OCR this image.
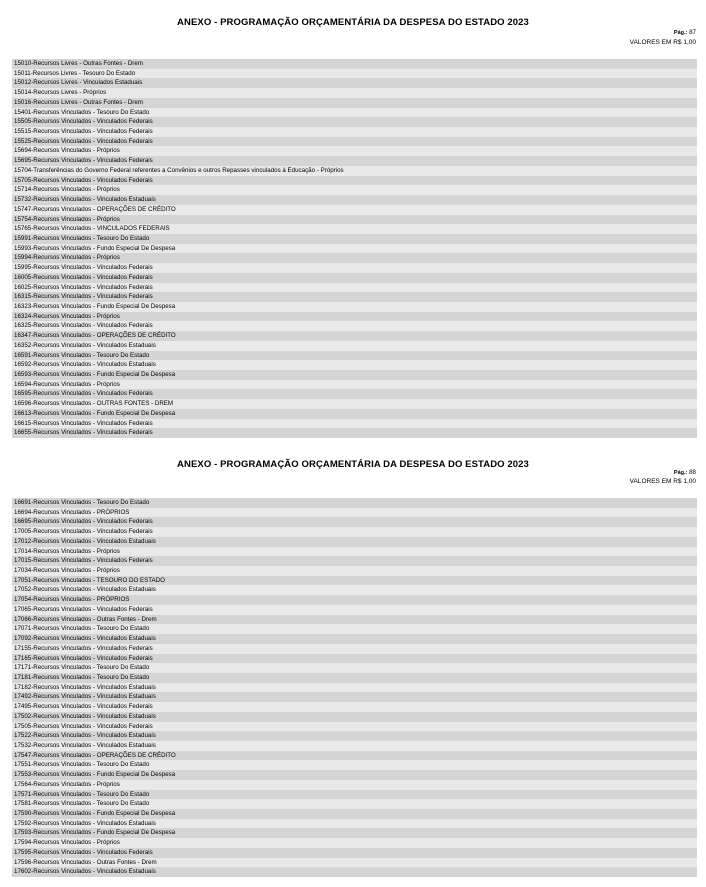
ANEXO - PROGRAMAÇÃO ORÇAMENTÁRIA DA DESPESA DO ESTADO 2023
Pág.: 87
VALORES EM R$ 1,00
15010-Recursos Livres - Outras Fontes - Drem
15011-Recursos Livres - Tesouro Do Estado
15012-Recursos Livres - Vinculados Estaduais
15014-Recursos Livres - Próprios
15016-Recursos Livres - Outras Fontes - Drem
15401-Recursos Vinculados - Tesouro Do Estado
15505-Recursos Vinculados - Vinculados Federais
15515-Recursos Vinculados - Vinculados Federais
15525-Recursos Vinculados - Vinculados Federais
15694-Recursos Vinculados - Próprios
15695-Recursos Vinculados - Vinculados Federais
15704-Transferências do Governo Federal referentes a Convênios e outros Repasses vinculados à Educação - Próprios
15705-Recursos Vinculados - Vinculados Federais
15714-Recursos Vinculados - Próprios
15732-Recursos Vinculados - Vinculados Estaduais
15747-Recursos Vinculados - OPERAÇÕES DE CRÉDITO
15754-Recursos Vinculados - Próprios
15765-Recursos Vinculados - VINCULADOS FEDERAIS
15991-Recursos Vinculados - Tesouro Do Estado
15993-Recursos Vinculados - Fundo Especial De Despesa
15994-Recursos Vinculados - Próprios
15995-Recursos Vinculados - Vinculados Federais
16005-Recursos Vinculados - Vinculados Federais
16025-Recursos Vinculados - Vinculados Federais
16315-Recursos Vinculados - Vinculados Federais
16323-Recursos Vinculados - Fundo Especial De Despesa
16324-Recursos Vinculados - Próprios
16325-Recursos Vinculados - Vinculados Federais
16347-Recursos Vinculados - OPERAÇÕES DE CRÉDITO
16352-Recursos Vinculados - Vinculados Estaduais
16591-Recursos Vinculados - Tesouro Do Estado
16592-Recursos Vinculados - Vinculados Estaduais
16593-Recursos Vinculados - Fundo Especial De Despesa
16594-Recursos Vinculados - Próprios
16595-Recursos Vinculados - Vinculados Federais
16596-Recursos Vinculados - OUTRAS FONTES - DREM
16613-Recursos Vinculados - Fundo Especial De Despesa
16615-Recursos Vinculados - Vinculados Federais
16655-Recursos Vinculados - Vinculados Federais
ANEXO - PROGRAMAÇÃO ORÇAMENTÁRIA DA DESPESA DO ESTADO 2023
Pág.: 88
VALORES EM R$ 1,00
16691-Recursos Vinculados - Tesouro Do Estado
16694-Recursos Vinculados - PRÓPRIOS
16695-Recursos Vinculados - Vinculados Federais
17005-Recursos Vinculados - Vinculados Federais
17012-Recursos Vinculados - Vinculados Estaduais
17014-Recursos Vinculados - Próprios
17015-Recursos Vinculados - Vinculados Federais
17034-Recursos Vinculados - Próprios
17051-Recursos Vinculados - TESOURO DO ESTADO
17052-Recursos Vinculados - Vinculados Estaduais
17054-Recursos Vinculados - PRÓPRIOS
17065-Recursos Vinculados - Vinculados Federais
17066-Recursos Vinculados - Outras Fontes - Drem
17071-Recursos Vinculados - Tesouro Do Estado
17092-Recursos Vinculados - Vinculados Estaduais
17155-Recursos Vinculados - Vinculados Federais
17165-Recursos Vinculados - Vinculados Federais
17171-Recursos Vinculados - Tesouro Do Estado
17181-Recursos Vinculados - Tesouro Do Estado
17182-Recursos Vinculados - Vinculados Estaduais
17492-Recursos Vinculados - Vinculados Estaduais
17495-Recursos Vinculados - Vinculados Federais
17502-Recursos Vinculados - Vinculados Estaduais
17505-Recursos Vinculados - Vinculados Federais
17522-Recursos Vinculados - Vinculados Estaduais
17532-Recursos Vinculados - Vinculados Estaduais
17547-Recursos Vinculados - OPERAÇÕES DE CRÉDITO
17551-Recursos Vinculados - Tesouro Do Estado
17553-Recursos Vinculados - Fundo Especial De Despesa
17564-Recursos Vinculados - Próprios
17571-Recursos Vinculados - Tesouro Do Estado
17581-Recursos Vinculados - Tesouro Do Estado
17590-Recursos Vinculados - Fundo Especial De Despesa
17592-Recursos Vinculados - Vinculados Estaduais
17593-Recursos Vinculados - Fundo Especial De Despesa
17594-Recursos Vinculados - Próprios
17595-Recursos Vinculados - Vinculados Federais
17596-Recursos Vinculados - Outras Fontes - Drem
17602-Recursos Vinculados - Vinculados Estaduais
